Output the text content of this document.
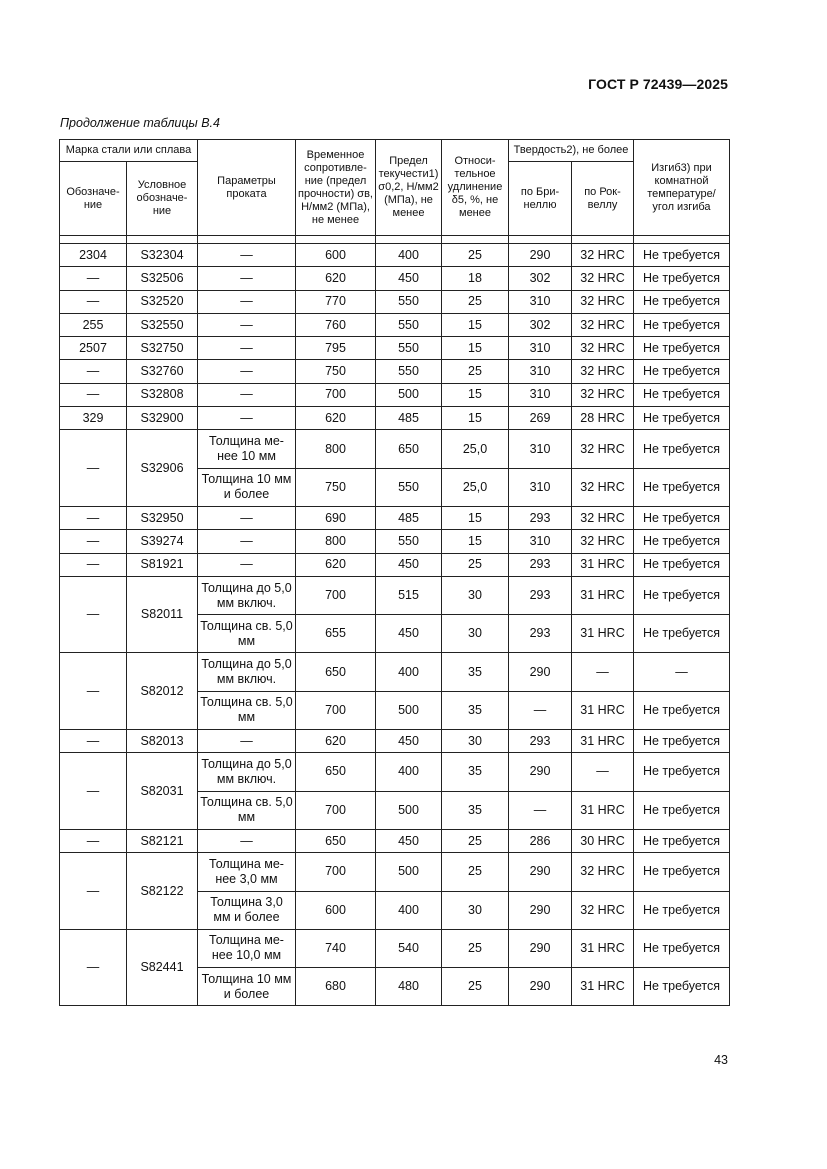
ГОСТ Р 72439—2025
Продолжение таблицы В.4
Марка стали или сплава		Параметры проката	Временное сопротивле-ние (предел прочности) σв, Н/мм2 (МПа), не менее	Предел текучести1) σ0,2, Н/мм2 (МПа), не менее	Относи-тельное удлинение δ5, %, не менее	Твердость2), не более		Изгиб3) при комнатной температуре/ угол изгиба
Обозначе-ние	Условное обозначе-ние					по Бри-неллю	по Рок-веллу	

2304	S32304	—	600	400	25	290	32 HRC	Не требуется
—	S32506	—	620	450	18	302	32 HRC	Не требуется
—	S32520	—	770	550	25	310	32 HRC	Не требуется
255	S32550	—	760	550	15	302	32 HRC	Не требуется
2507	S32750	—	795	550	15	310	32 HRC	Не требуется
—	S32760	—	750	550	25	310	32 HRC	Не требуется
—	S32808	—	700	500	15	310	32 HRC	Не требуется
329	S32900	—	620	485	15	269	28 HRC	Не требуется
—	S32906	Толщина ме-нее 10 мм	800	650	25,0	310	32 HRC	Не требуется
		Толщина 10 мм и более	750	550	25,0	310	32 HRC	Не требуется
—	S32950	—	690	485	15	293	32 HRC	Не требуется
—	S39274	—	800	550	15	310	32 HRC	Не требуется
—	S81921	—	620	450	25	293	31 HRC	Не требуется
—	S82011	Толщина до 5,0 мм включ.	700	515	30	293	31 HRC	Не требуется
		Толщина св. 5,0 мм	655	450	30	293	31 HRC	Не требуется
—	S82012	Толщина до 5,0 мм включ.	650	400	35	290	—	—
		Толщина св. 5,0 мм	700	500	35	—	31 HRC	Не требуется
—	S82013	—	620	450	30	293	31 HRC	Не требуется
—	S82031	Толщина до 5,0 мм включ.	650	400	35	290	—	Не требуется
		Толщина св. 5,0 мм	700	500	35	—	31 HRC	Не требуется
—	S82121	—	650	450	25	286	30 HRC	Не требуется
—	S82122	Толщина ме-нее 3,0 мм	700	500	25	290	32 HRC	Не требуется
		Толщина 3,0 мм и более	600	400	30	290	32 HRC	Не требуется
—	S82441	Толщина ме-нее 10,0 мм	740	540	25	290	31 HRC	Не требуется
		Толщина 10 мм и более	680	480	25	290	31 HRC	Не требуется
43
